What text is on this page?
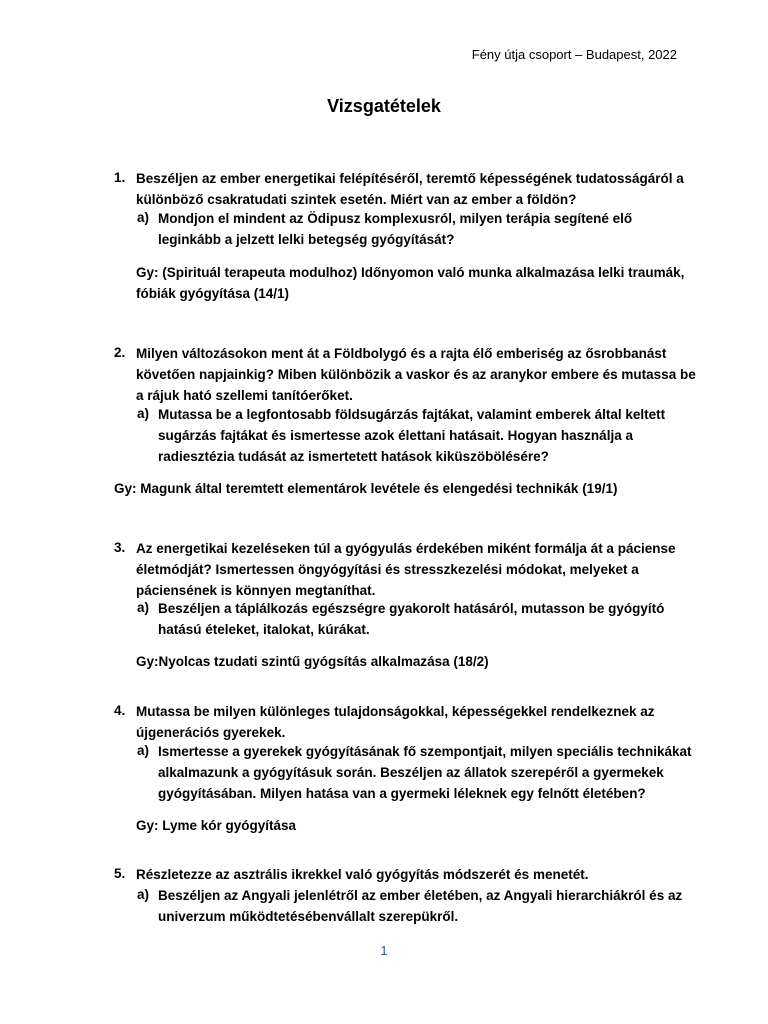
Fény útja csoport – Budapest, 2022
Vizsgatételek
1. Beszéljen az ember energetikai felépítéséről, teremtő képességének tudatosságáról a különböző csakratudati szintek esetén. Miért van az ember a földön?
a) Mondjon el mindent az Ödipusz komplexusról, milyen terápia segítené elő leginkább a jelzett lelki betegség gyógyítását?
Gy: (Spirituál terapeuta modulhoz) Időnyomon való munka alkalmazása lelki traumák, fóbiák gyógyítása (14/1)
2. Milyen változásokon ment át a Földbolygó és a rajta élő emberiség az ősrobbanást követően napjainkig? Miben különbözik a vaskor és az aranykor embere és mutassa be a rájuk ható szellemi tanítóerőket.
a) Mutassa be a legfontosabb földsugárzás fajtákat, valamint emberek által keltett sugárzás fajtákat és ismertesse azok élettani hatásait. Hogyan használja a radiesztézia tudását az ismertetett hatások kiküszöbölésére?
Gy: Magunk által teremtett elementárok levétele és elengedési technikák (19/1)
3. Az energetikai kezeléseken túl a gyógyulás érdekében miként formálja át a páciense életmódját? Ismertessen öngyógyítási és stresszkezelési módokat, melyeket a páciensének is könnyen megtaníthat.
a) Beszéljen a táplálkozás egészségre gyakorolt hatásáról, mutasson be gyógyító hatású ételeket, italokat, kúrákat.
Gy:Nyolcas tzudati szintű gyógsítás alkalmazása (18/2)
4. Mutassa be milyen különleges tulajdonságokkal, képességekkel rendelkeznek az újgenerációs gyerekek.
a) Ismertesse a gyerekek gyógyításának fő szempontjait, milyen speciális technikákat alkalmazunk a gyógyításuk során. Beszéljen az állatok szerepéről a gyermekek gyógyításában. Milyen hatása van a gyermeki léleknek egy felnőtt életében?
Gy: Lyme kór gyógyítása
5. Részletezze az asztrális ikrekkel való gyógyítás módszerét és menetét.
a) Beszéljen az Angyali jelenlétről az ember életében, az Angyali hierarchiákról és az univerzum működtetésébenvállalt szerepükről.
1
